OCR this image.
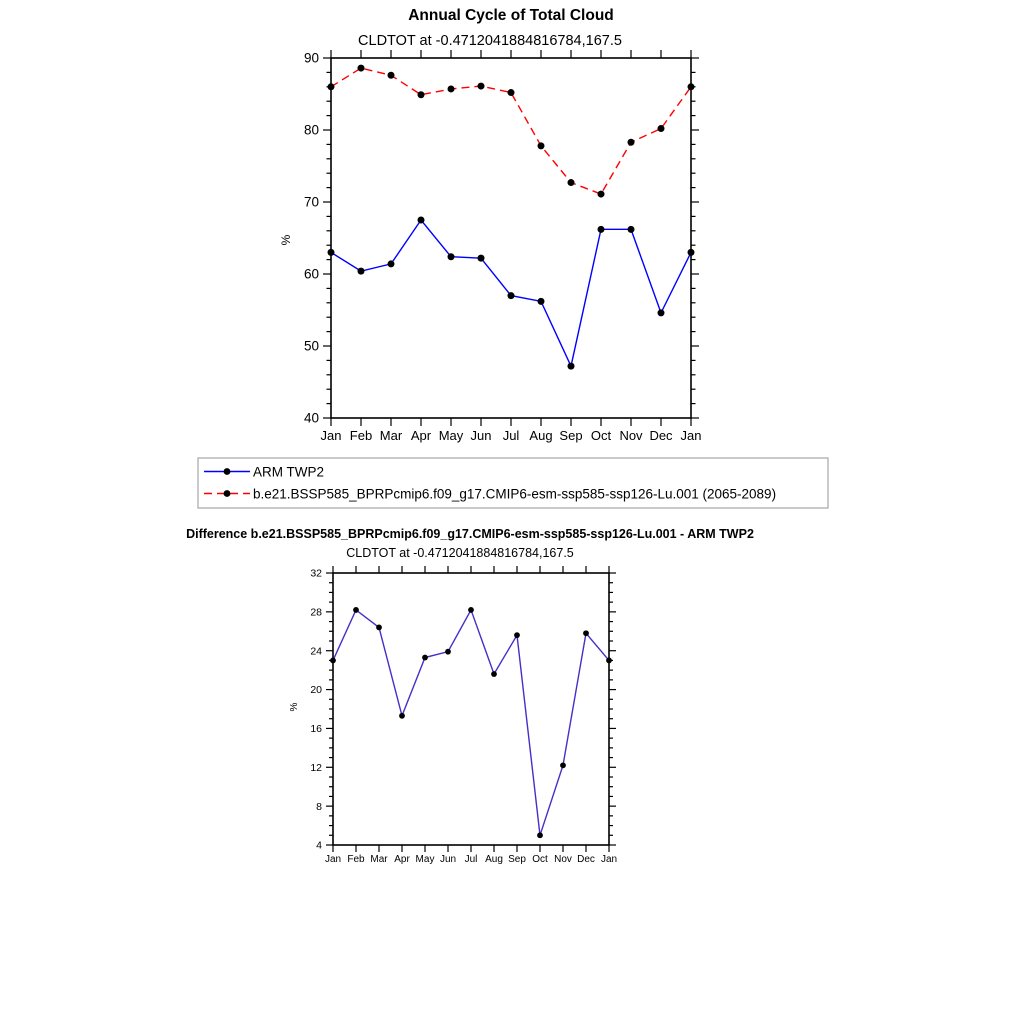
Annual Cycle of Total Cloud
CLDTOT at -0.4712041884816784,167.5
%
40
50
60
70
80
90
Jan Feb Mar Apr May Jun Jul Aug Sep Oct Nov Dec Jan
ARM TWP2
b.e21.BSSP585_BPRPcmip6.f09_g17.CMIP6-esm-ssp585-ssp126-Lu.001 (2065-2089)
Difference b.e21.BSSP585_BPRPcmip6.f09_g17.CMIP6-esm-ssp585-ssp126-Lu.001 - ARM TWP2
CLDTOT at -0.4712041884816784,167.5
%
4
8
12
16
20
24
28
32
Jan Feb Mar Apr May Jun Jul Aug Sep Oct Nov Dec Jan
